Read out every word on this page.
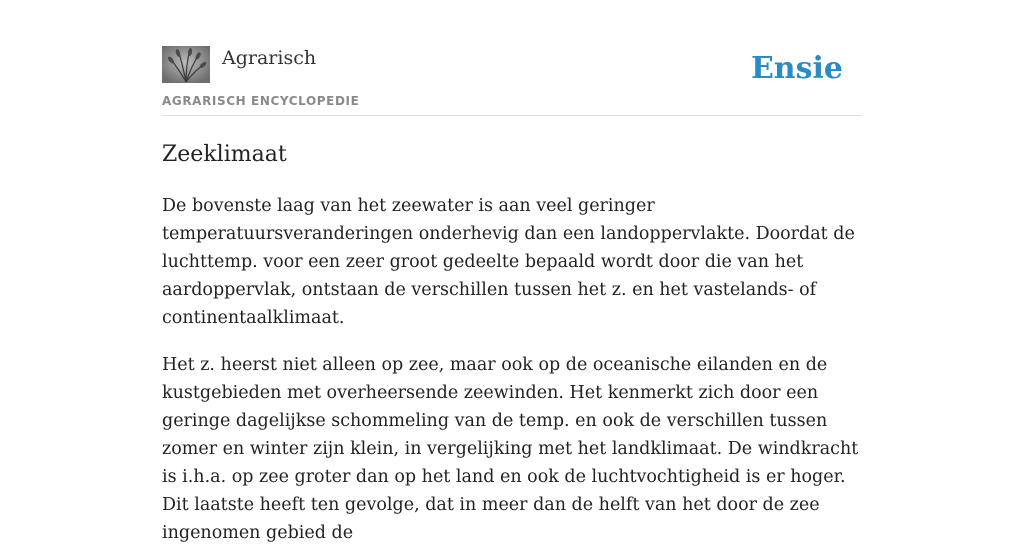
Agrarisch
AGRARISCH ENCYCLOPEDIE
Ensie
Zeeklimaat

De bovenste laag van het zeewater is aan veel geringer temperatuursveranderingen onderhevig dan een landoppervlakte. Doordat de luchttemp. voor een zeer groot gedeelte bepaald wordt door die van het aardoppervlak, ontstaan de verschillen tussen het z. en het vastelands- of continentaalklimaat.

Het z. heerst niet alleen op zee, maar ook op de oceanische eilanden en de kustgebieden met overheersende zeewinden. Het kenmerkt zich door een geringe dagelijkse schommeling van de temp. en ook de verschillen tussen zomer en winter zijn klein, in vergelijking met het landklimaat. De windkracht is i.h.a. op zee groter dan op het land en ook de luchtvochtigheid is er hoger. Dit laatste heeft ten gevolge, dat in meer dan de helft van het door de zee ingenomen gebied de
